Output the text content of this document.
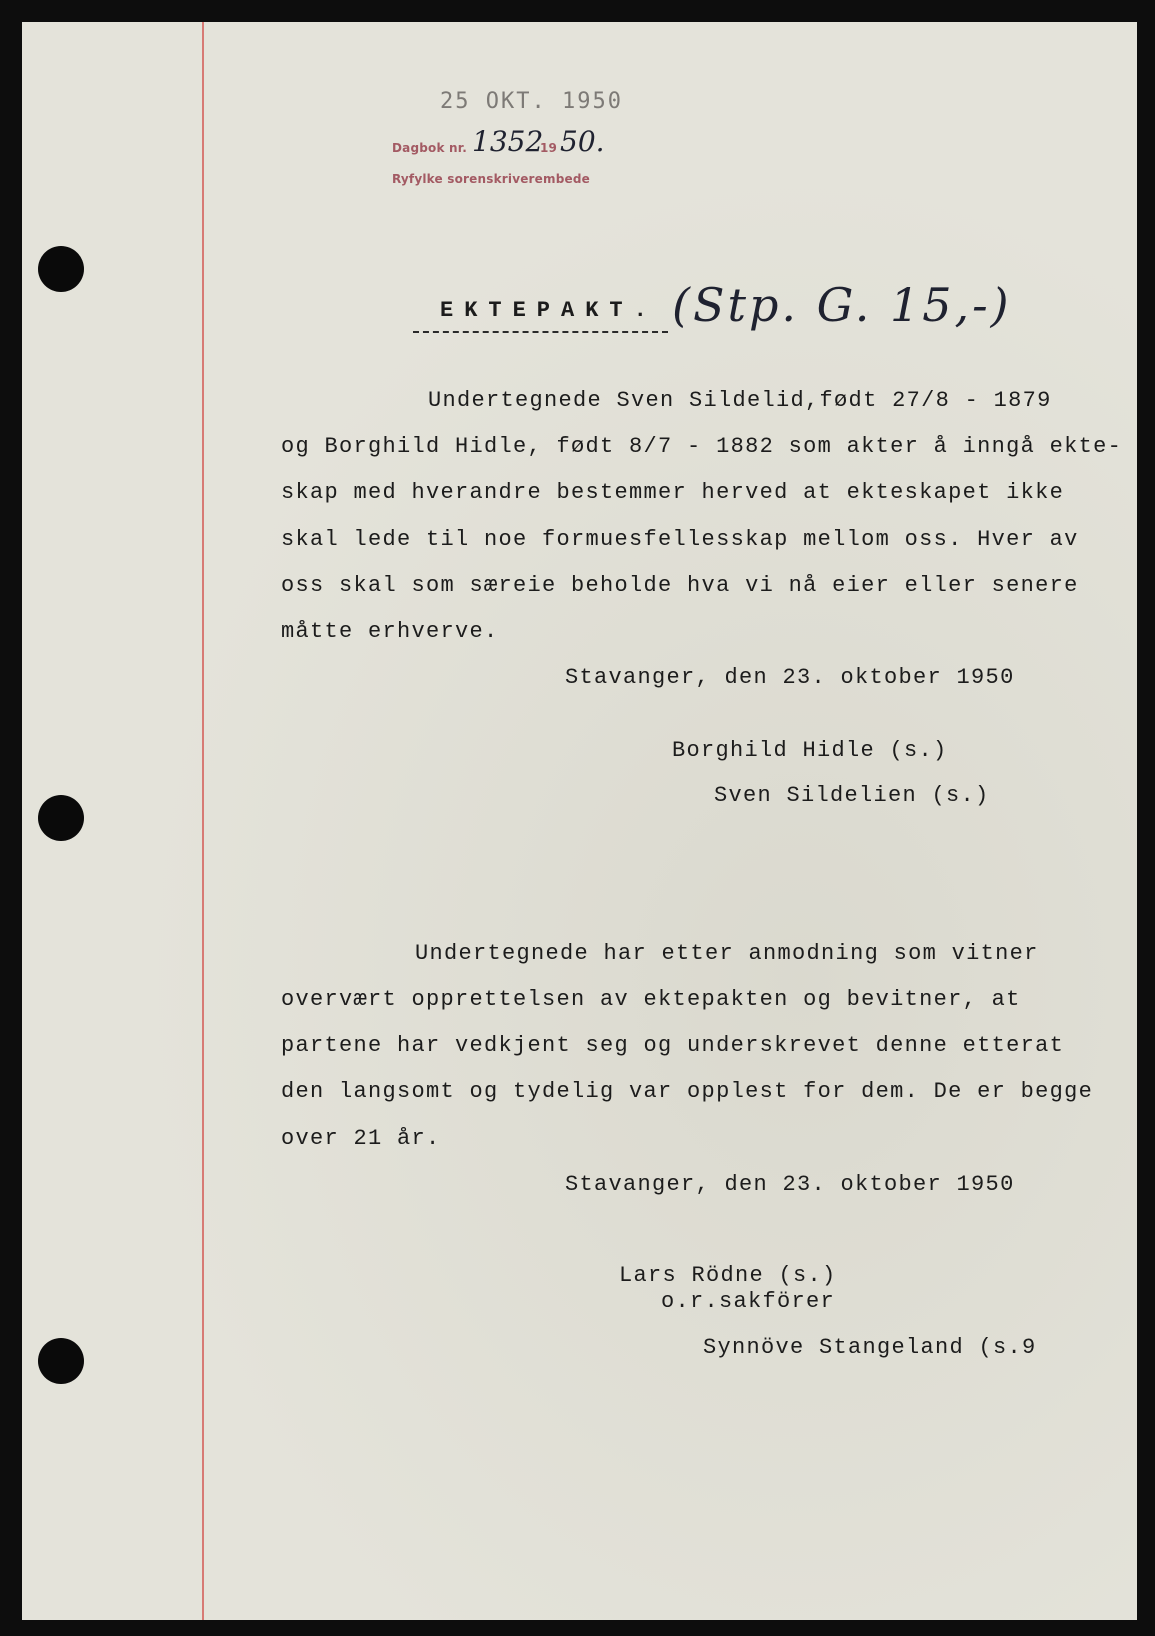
25 OKT. 1950
Dagbok nr. 1352
19 50.
Ryfylke sorenskriverembede
EKTEPAKT. (Stp. G. 15,-)
Undertegnede Sven Sildelid,født 27/8 - 1879
og Borghild Hidle, født 8/7 - 1882 som akter å inngå ekte-
skap med hverandre bestemmer herved at ekteskapet ikke
skal lede til noe formuesfellesskap mellom oss. Hver av
oss skal som særeie beholde hva vi nå eier eller senere
måtte erhverve.
Stavanger, den 23. oktober 1950
Borghild Hidle (s.)
Sven Sildelien (s.)
Undertegnede har etter anmodning som vitner
overvært opprettelsen av ektepakten og bevitner, at
partene har vedkjent seg og underskrevet denne etterat
den langsomt og tydelig var opplest for dem. De er begge
over 21 år.
Stavanger, den 23. oktober 1950
Lars Rödne (s.)
o.r.sakförer
Synnöve Stangeland (s.9
